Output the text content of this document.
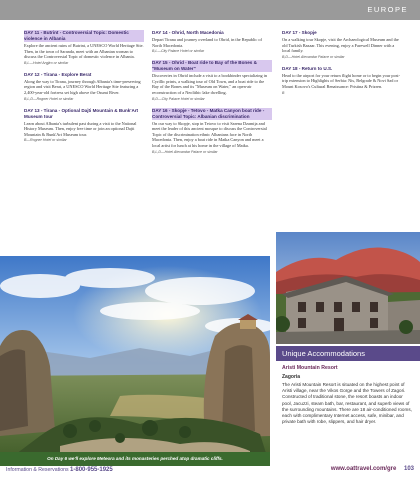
EUROPE
DAY 11 - Butrint - Controversial Topic: Domestic violence in Albania

Explore the ancient ruins of Butrint, a UNESCO World Heritage Site. Then, in the town of Saranda, meet with an Albanian woman to discuss the Controversial Topic of domestic violence in Albania.

B,L—Hotel Argjiro or similar
DAY 12 - Tirana - Explore Berat

Along the way to Tirana, journey through Albania's time-preserving region and visit Berat, a UNESCO World Heritage Site featuring a 2,400-year-old fortress set high above the Osumi River.

B,L,D—Rogner Hotel or similar
DAY 13 - Tirana - Optional Dajti Mountain & Bunk'Art Museum tour

Learn about Albania's turbulent past during a visit to the National History Museum. Then, enjoy free time or join an optional Dajti Mountain & Bunk'Art Museum tour.

B—Rogner Hotel or similar
DAY 14 - Ohrid, North Macedonia

Depart Tirana and journey overland to Ohrid, in the Republic of North Macedonia.

B,L—City Palace Hotel or similar
DAY 15 - Ohrid - Boat ride to Bay of the Bones & "Museum on Water"

Discoveries in Ohrid include a visit to a bookbinder specializing in Cyrillic prints, a walking tour of Old Town, and a boat ride to the Bay of the Bones and its "Museum on Water," an open-air reconstruction of a Neolithic lake dwelling.

B,D—City Palace Hotel or similar
DAY 16 - Skopje - Tetovo - Matka Canyon boat ride - Controversial Topic: Albanian discrimination

On our way to Skopje, stop in Tetovo to visit Sarena Dzamija and meet the leader of this ancient mosque to discuss the Controversial Topic of the discrimination ethnic Albanians face in North Macedonia. Then, enjoy a boat ride in Matka Canyon and meet a local artist for lunch at his home in the village of Matka.

B,L,D—Hotel Alexandar Palace or similar
DAY 17 - Skopje

On a walking tour Skopje, visit the Archaeological Museum and the old Turkish Bazaar. This evening, enjoy a Farewell Dinner with a local family.

B,D—Hotel Alexandar Palace or similar
DAY 18 - Return to U.S.

Head to the airport for your return flight home or to begin your post-trip extension to Highlights of Serbia: Nis, Belgrade & Novi Sad or Mount Kosovo's Cultural Renaissance: Pristina & Prizren.

B
On Day 6 we'll explore Meteora and its monasteries perched atop dramatic cliffs.
Unique Accommodations
Aristi Mountain Resort
Zagoria
The Aristi Mountain Resort is situated on the highest point of Aristi village, near the Vikos Gorge and the Towers of Zagori. Constructed of traditional stone, the resort boasts an indoor pool, Jacuzzi, steam bath, bar, restaurant, and superb views of the surrounding mountains. There are 18 air-conditioned rooms, each with complimentary Internet access, safe, minibar, and private bath with robe, slippers, and hair dryer.
Information & Reservations 1-800-955-1925	www.oattravel.com/gre 103
